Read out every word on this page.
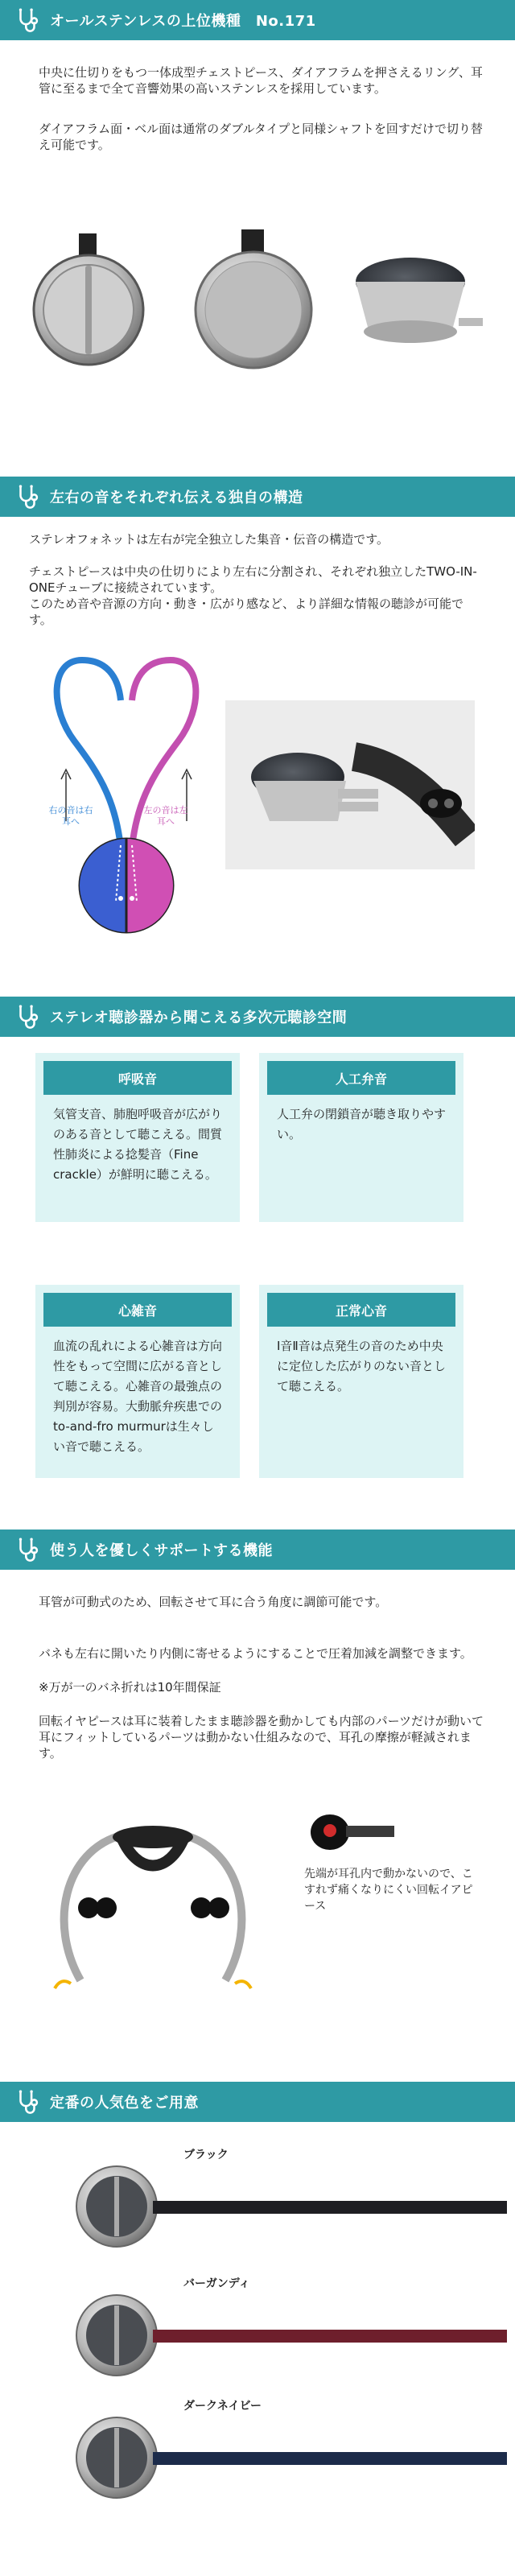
オールステンレスの上位機種　No.171
中央に仕切りをもつ一体成型チェストピース、ダイアフラムを押さえるリング、耳管に至るまで全て音響効果の高いステンレスを採用しています。
ダイアフラム面・ベル面は通常のダブルタイプと同様シャフトを回すだけで切り替え可能です。
左右の音をそれぞれ伝える独自の構造
ステレオフォネットは左右が完全独立した集音・伝音の構造です。
チェストピースは中央の仕切りにより左右に分割され、それぞれ独立したTWO-IN-ONEチューブに接続されています。
このため音や音源の方向・動き・広がり感など、より詳細な情報の聴診が可能です。
右の音は右耳へ
左の音は左耳へ
ステレオ聴診器から聞こえる多次元聴診空間
呼吸音
気管支音、肺胞呼吸音が広がりのある音として聴こえる。間質性肺炎による捻髪音（Fine crackle）が鮮明に聴こえる。
人工弁音
人工弁の閉鎖音が聴き取りやすい。
心雑音
血流の乱れによる心雑音は方向性をもって空間に広がる音として聴こえる。心雑音の最強点の判別が容易。大動脈弁疾患でのto-and-fro murmurは生々しい音で聴こえる。
正常心音
Ⅰ音Ⅱ音は点発生の音のため中央に定位した広がりのない音として聴こえる。
使う人を優しくサポートする機能
耳管が可動式のため、回転させて耳に合う角度に調節可能です。
バネも左右に開いたり内側に寄せるようにすることで圧着加減を調整できます。
※万が一のバネ折れは10年間保証
回転イヤピースは耳に装着したまま聴診器を動かしても内部のパーツだけが動いて耳にフィットしているパーツは動かない仕組みなので、耳孔の摩擦が軽減されます。
先端が耳孔内で動かないので、こすれず痛くなりにくい回転イアピース
定番の人気色をご用意
ブラック
バーガンディ
ダークネイビー
